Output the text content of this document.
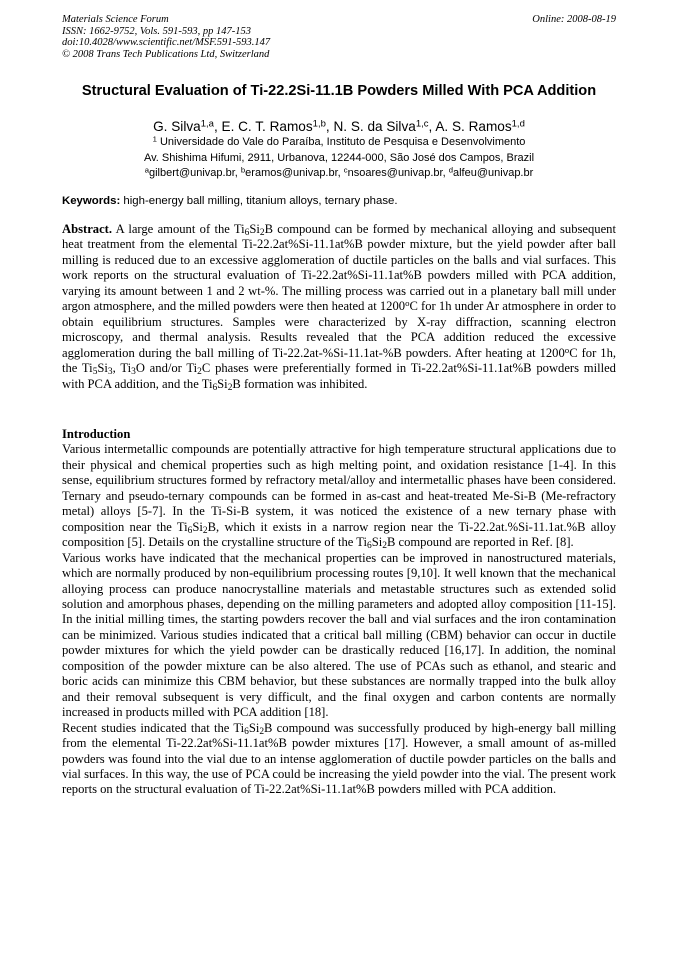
Materials Science Forum
ISSN: 1662-9752, Vols. 591-593, pp 147-153
doi:10.4028/www.scientific.net/MSF.591-593.147
© 2008 Trans Tech Publications Ltd, Switzerland
Online: 2008-08-19
Structural Evaluation of Ti-22.2Si-11.1B Powders Milled With PCA Addition
G. Silva$^{1,a}$, E. C. T. Ramos$^{1,b}$, N. S. da Silva$^{1,c}$, A. S. Ramos$^{1,d}$
$^1$ Universidade do Vale do Paraíba, Instituto de Pesquisa e Desenvolvimento
Av. Shishima Hifumi, 2911, Urbanova, 12244-000, São José dos Campos, Brazil
$^a$gilbert@univap.br, $^b$eramos@univap.br, $^c$nsoares@univap.br, $^d$alfeu@univap.br
Keywords: high-energy ball milling, titanium alloys, ternary phase.
Abstract. A large amount of the $Ti_6Si_2B$ compound can be formed by mechanical alloying and subsequent heat treatment from the elemental Ti-22.2at%Si-11.1at%B powder mixture, but the yield powder after ball milling is reduced due to an excessive agglomeration of ductile particles on the balls and vial surfaces. This work reports on the structural evaluation of Ti-22.2at%Si-11.1at%B powders milled with PCA addition, varying its amount between 1 and 2 wt-%. The milling process was carried out in a planetary ball mill under argon atmosphere, and the milled powders were then heated at 1200$^o$C for 1h under Ar atmosphere in order to obtain equilibrium structures. Samples were characterized by X-ray diffraction, scanning electron microscopy, and thermal analysis. Results revealed that the PCA addition reduced the excessive agglomeration during the ball milling of Ti-22.2at-%Si-11.1at-%B powders. After heating at 1200$^o$C for 1h, the $Ti_5Si_3$, $Ti_3O$ and/or $Ti_2C$ phases were preferentially formed in Ti-22.2at%Si-11.1at%B powders milled with PCA addition, and the $Ti_6Si_2B$ formation was inhibited.
Introduction

Various intermetallic compounds are potentially attractive for high temperature structural applications due to their physical and chemical properties such as high melting point, and oxidation resistance [1-4]. In this sense, equilibrium structures formed by refractory metal/alloy and intermetallic phases have been considered. Ternary and pseudo-ternary compounds can be formed in as-cast and heat-treated Me-Si-B (Me-refractory metal) alloys [5-7]. In the Ti-Si-B system, it was noticed the existence of a new ternary phase with composition near the $Ti_6Si_2B$, which it exists in a narrow region near the Ti-22.2at.%Si-11.1at.%B alloy composition [5]. Details on the crystalline structure of the $Ti_6Si_2B$ compound are reported in Ref. [8].

Various works have indicated that the mechanical properties can be improved in nanostructured materials, which are normally produced by non-equilibrium processing routes [9,10]. It well known that the mechanical alloying process can produce nanocrystalline materials and metastable structures such as extended solid solution and amorphous phases, depending on the milling parameters and adopted alloy composition [11-15]. In the initial milling times, the starting powders recover the ball and vial surfaces and the iron contamination can be minimized. Various studies indicated that a critical ball milling (CBM) behavior can occur in ductile powder mixtures for which the yield powder can be drastically reduced [16,17]. In addition, the nominal composition of the powder mixture can be also altered. The use of PCAs such as ethanol, and stearic and boric acids can minimize this CBM behavior, but these substances are normally trapped into the bulk alloy and their removal subsequent is very difficult, and the final oxygen and carbon contents are normally increased in products milled with PCA addition [18].

Recent studies indicated that the $Ti_6Si_2B$ compound was successfully produced by high-energy ball milling from the elemental Ti-22.2at%Si-11.1at%B powder mixtures [17]. However, a small amount of as-milled powders was found into the vial due to an intense agglomeration of ductile powder particles on the balls and vial surfaces. In this way, the use of PCA could be increasing the yield powder into the vial. The present work reports on the structural evaluation of Ti-22.2at%Si-11.1at%B powders milled with PCA addition.
